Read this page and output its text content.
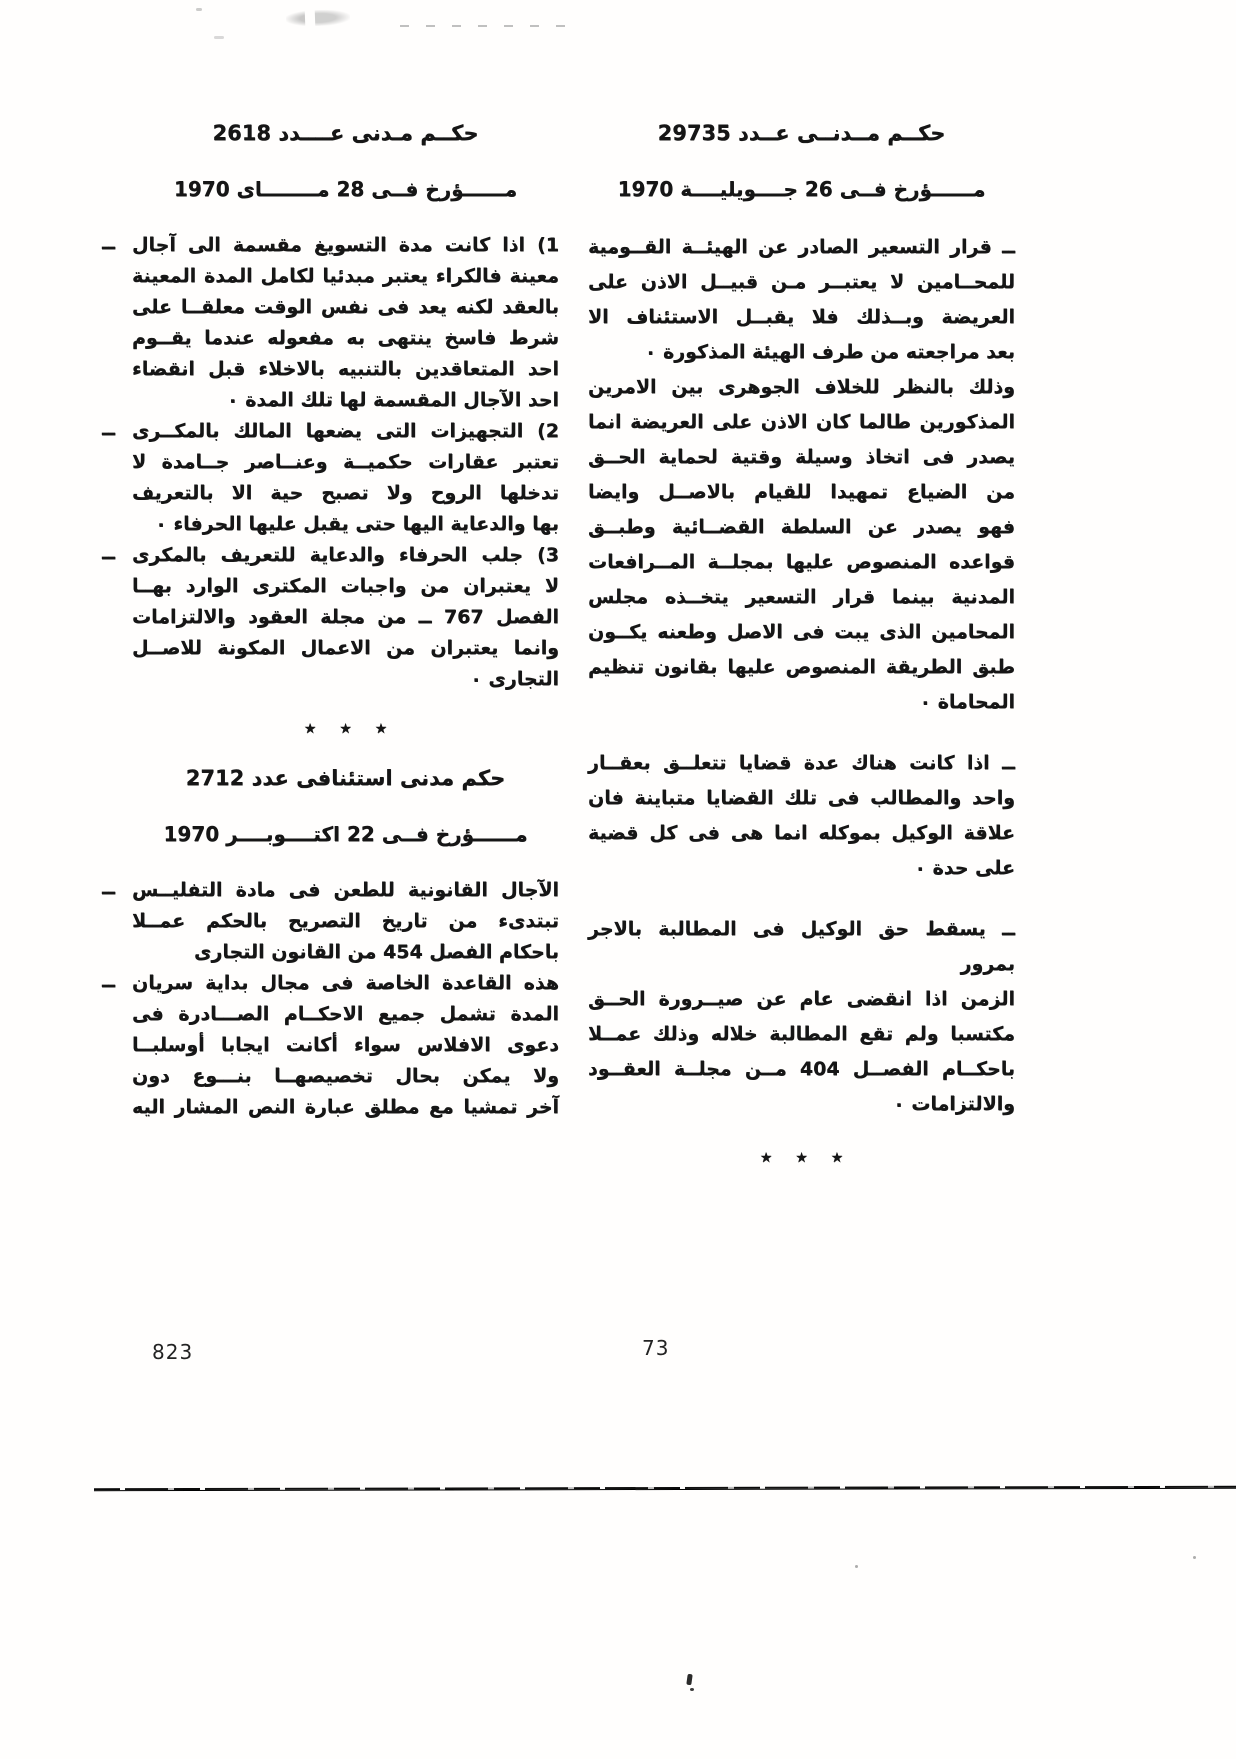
حكــم مــدنــى عــدد 29735
مــــــؤرخ فــى 26 جــــويليــــة 1970
ــ قرار التسعير الصادر عن الهيئــة القــومية
للمحــامين لا يعتبــر مـن قبيــل الاذن على
العريضة وبــذلك فلا يقبــل الاستئناف الا
بعد مراجعته من طرف الهيئة المذكورة ٠
وذلك بالنظر للخلاف الجوهرى بين الامرين
المذكورين طالما كان الاذن على العريضة انما
يصدر فى اتخاذ وسيلة وقتية لحماية الحــق
من الضياع تمهيدا للقيام بالاصــل وايضا
فهو يصدر عن السلطة القضــائية وطبــق
قواعده المنصوص عليها بمجلــة المــرافعات
المدنية بينما قرار التسعير يتخــذه مجلس
المحامين الذى يبت فى الاصل وطعنه يكــون
طبق الطريقة المنصوص عليها بقانون تنظيم
المحاماة ٠
ــ اذا كانت هناك عدة قضايا تتعلــق بعقــار
واحد والمطالب فى تلك القضايا متباينة فان
علاقة الوكيل بموكله انما هى فى كل قضية
على حدة ٠
ــ يسقط حق الوكيل فى المطالبة بالاجر بمرور
الزمن اذا انقضى عام عن صيــرورة الحــق
مكتسبا ولم تقع المطالبة خلاله وذلك عمــلا
باحكــام الفصــل 404 مــن مجلــة العقــود
والالتزامات ٠
★ ★ ★
حكــم مـدنى عــــدد 2618
مــــــؤرخ فــى 28 مــــــــاى 1970
ــ 1) اذا كانت مدة التسويغ مقسمة الى آجال
معينة فالكراء يعتبر مبدئيا لكامل المدة المعينة
بالعقد لكنه يعد فى نفس الوقت معلقــا على
شرط فاسخ ينتهى به مفعوله عندما يقــوم
احد المتعاقدين بالتنبيه بالاخلاء قبل انقضاء
احد الآجال المقسمة لها تلك المدة ٠
ــ 2) التجهيزات التى يضعها المالك بالمكــرى
تعتبر عقارات حكميــة وعنــاصر جــامدة لا
تدخلها الروح ولا تصبح حية الا بالتعريف
بها والدعاية اليها حتى يقبل عليها الحرفاء ٠
ــ 3) جلب الحرفاء والدعاية للتعريف بالمكرى
لا يعتبران من واجبات المكترى الوارد بهــا
الفصل 767 ــ من مجلة العقود والالتزامات
وانما يعتبران من الاعمال المكونة للاصــل
التجارى ٠
★ ★ ★
حكم مدنى استئنافى عدد 2712
مــــــؤرخ فــى 22 اكتــــوبــــر 1970
ــ الآجال القانونية للطعن فى مادة التفليــس
تبتدىء من تاريخ التصريح بالحكم عمــلا
باحكام الفصل 454 من القانون التجارى
ــ هذه القاعدة الخاصة فى مجال بداية سريان
المدة تشمل جميع الاحكــام الصـــادرة فى
دعوى الافلاس سواء أكانت ايجابا أوسلبــا
ولا يمكن بحال تخصيصهــا بنـــوع دون
آخر تمشيا مع مطلق عبارة النص المشار اليه
823	73
